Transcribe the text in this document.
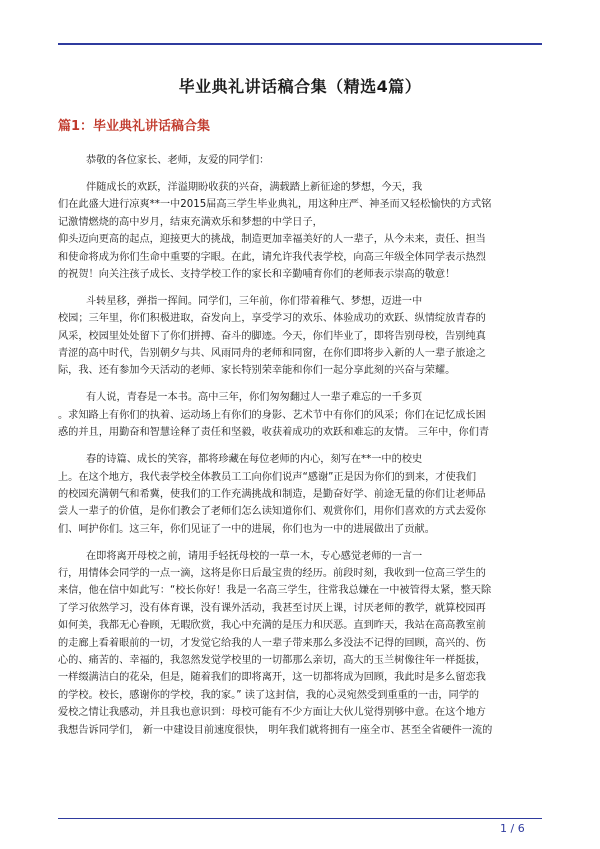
毕业典礼讲话稿合集（精选4篇）
篇1：毕业典礼讲话稿合集
恭敬的各位家长、老师，友爱的同学们：
伴随成长的欢跃，洋溢期盼收获的兴奋，满载踏上新征途的梦想，今天，我
们在此盛大进行凉爽**一中2015届高三学生毕业典礼，用这种庄严、神圣而又轻松愉快的方式铭
记激情燃烧的高中岁月，结束充满欢乐和梦想的中学日子，
仰头迈向更高的起点，迎接更大的挑战，制造更加幸福美好的人一辈子，从今未来，责任、担当
和使命将成为你们生命中重要的字眼。在此，请允许我代表学校，向高三年级全体同学表示热烈
的祝贺！向关注孩子成长、支持学校工作的家长和辛勤哺育你们的老师表示崇高的敬意！
斗转星移，弹指一挥间。同学们，三年前，你们带着稚气、梦想，迈进一中
校园；三年里，你们积极进取，奋发向上，享受学习的欢乐、体验成功的欢跃、纵情绽放青春的
风采，校园里处处留下了你们拼搏、奋斗的脚迹。今天，你们毕业了，即将告别母校，告别纯真
青涩的高中时代，告别朝夕与共、风雨同舟的老师和同窗，在你们即将步入新的人一辈子旅途之
际，我、还有参加今天活动的老师、家长特别荣幸能和你们一起分享此刻的兴奋与荣耀。
有人说，青春是一本书。高中三年，你们匆匆翻过人一辈子难忘的一千多页
。求知路上有你们的执着、运动场上有你们的身影、艺术节中有你们的风采；你们在记忆成长困
惑的并且，用勤奋和智慧诠释了责任和坚毅，收获着成功的欢跃和难忘的友情。 三年中，你们青
春的诗篇、成长的笑容，都将珍藏在每位老师的内心，刻写在**一中的校史
上。在这个地方，我代表学校全体教员工工向你们说声“感谢”正是因为你们的到来，才使我们
的校园充满朝气和希冀，使我们的工作充满挑战和制造，是勤奋好学、前途无量的你们让老师品
尝人一辈子的价值，是你们教会了老师们怎么读知道你们、观赏你们，用你们喜欢的方式去爱你
们、呵护你们。这三年，你们见证了一中的进展，你们也为一中的进展做出了贡献。
在即将离开母校之前，请用手轻抚母校的一草一木，专心感觉老师的一言一
行，用情体会同学的一点一滴，这将是你日后最宝贵的经历。前段时刻，我收到一位高三学生的
来信，他在信中如此写：“校长你好！我是一名高三学生，往常我总嫌在一中被管得太紧，整天除
了学习依然学习，没有体育课，没有课外活动，我甚至讨厌上课，讨厌老师的教学，就算校园再
如何美，我都无心眷顾，无暇欣赏，我心中充满的是压力和厌恶。直到昨天，我站在高高教室前
的走廊上看着眼前的一切，才发觉它给我的人一辈子带来那么多没法不记得的回顾，高兴的、伤
心的、痛苦的、幸福的，我忽然发觉学校里的一切都那么亲切，高大的玉兰树像往年一样挺拔，
一样缀满洁白的花朵，但是，随着我们的即将离开，这一切都将成为回顾，我此时是多么留恋我
的学校。校长，感谢你的学校，我的家。” 读了这封信，我的心灵宛然受到重重的一击，同学的
爱校之情让我感动，并且我也意识到：母校可能有不少方面让大伙儿觉得别够中意。在这个地方
我想告诉同学们， 新一中建设目前速度很快， 明年我们就将拥有一座全市、甚至全省硬件一流的
1 / 6
